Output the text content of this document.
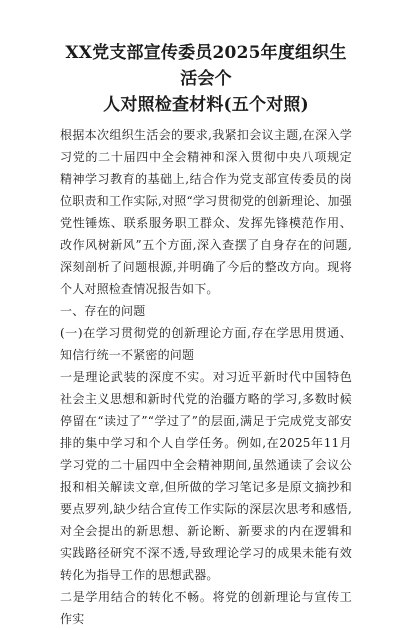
XX党支部宣传委员2025年度组织生活会个
人对照检查材料(五个对照)

根据本次组织生活会的要求,我紧扣会议主题,在深入学习党的二十届四中全会精神和深入贯彻中央八项规定精神学习教育的基础上,结合作为党支部宣传委员的岗位职责和工作实际,对照“学习贯彻党的创新理论、加强党性锤炼、联系服务职工群众、发挥先锋模范作用、改作风树新风”五个方面,深入查摆了自身存在的问题,深刻剖析了问题根源,并明确了今后的整改方向。现将个人对照检查情况报告如下。

一、存在的问题

(一)在学习贯彻党的创新理论方面,存在学思用贯通、知信行统一不紧密的问题

一是理论武装的深度不实。对习近平新时代中国特色社会主义思想和新时代党的治疆方略的学习,多数时候停留在“读过了”“学过了”的层面,满足于完成党支部安排的集中学习和个人自学任务。例如,在2025年11月学习党的二十届四中全会精神期间,虽然通读了会议公报和相关解读文章,但所做的学习笔记多是原文摘抄和要点罗列,缺少结合宣传工作实际的深层次思考和感悟,对全会提出的新思想、新论断、新要求的内在逻辑和实践路径研究不深不透,导致理论学习的成果未能有效转化为指导工作的思想武器。

二是学用结合的转化不畅。将党的创新理论与宣传工作实
